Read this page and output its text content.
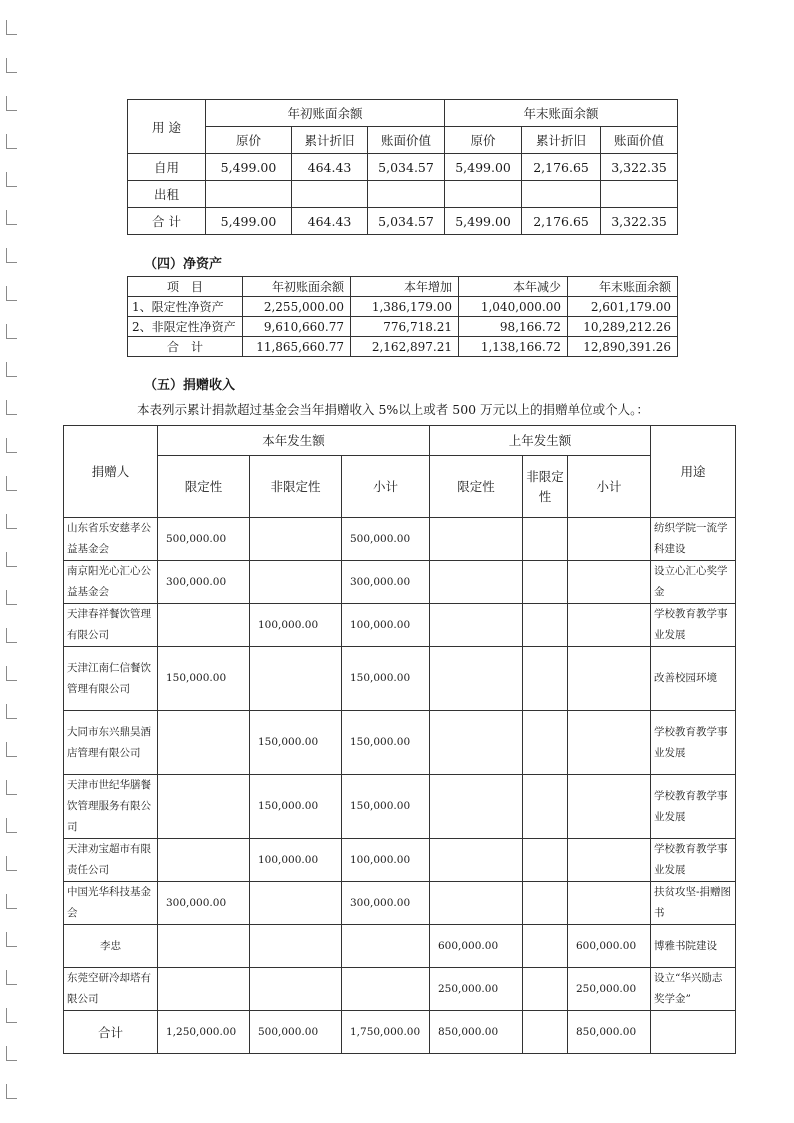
用 途	年初账面余额			年末账面余额		
	原价	累计折旧	账面价值	原价	累计折旧	账面价值
自用	5,499.00	464.43	5,034.57	5,499.00	2,176.65	3,322.35
出租						
合 计	5,499.00	464.43	5,034.57	5,499.00	2,176.65	3,322.35
（四）净资产
项　目	年初账面余额	本年增加	本年减少	年末账面余额
1、限定性净资产	2,255,000.00	1,386,179.00	1,040,000.00	2,601,179.00
2、非限定性净资产	9,610,660.77	776,718.21	98,166.72	10,289,212.26
合　计	11,865,660.77	2,162,897.21	1,138,166.72	12,890,391.26
（五）捐赠收入
本表列示累计捐款超过基金会当年捐赠收入 5%以上或者 500 万元以上的捐赠单位或个人。：
捐赠人	本年发生额			上年发生额			用途
	限定性	非限定性	小计	限定性	非限定性	小计	
山东省乐安慈孝公益基金会	500,000.00		500,000.00				纺织学院一流学科建设
南京阳光心汇心公益基金会	300,000.00		300,000.00				设立心汇心奖学金
天津春祥餐饮管理有限公司		100,000.00	100,000.00				学校教育教学事业发展
天津江南仁信餐饮管理有限公司	150,000.00		150,000.00				改善校园环境
大同市东兴鼎昊酒店管理有限公司		150,000.00	150,000.00				学校教育教学事业发展
天津市世纪华膳餐饮管理服务有限公司		150,000.00	150,000.00				学校教育教学事业发展
天津劝宝超市有限责任公司		100,000.00	100,000.00				学校教育教学事业发展
中国光华科技基金会	300,000.00		300,000.00				扶贫攻坚-捐赠图书
李忠				600,000.00		600,000.00	博雅书院建设
东莞空研冷却塔有限公司				250,000.00		250,000.00	设立“华兴励志奖学金”
合计	1,250,000.00	500,000.00	1,750,000.00	850,000.00		850,000.00	
